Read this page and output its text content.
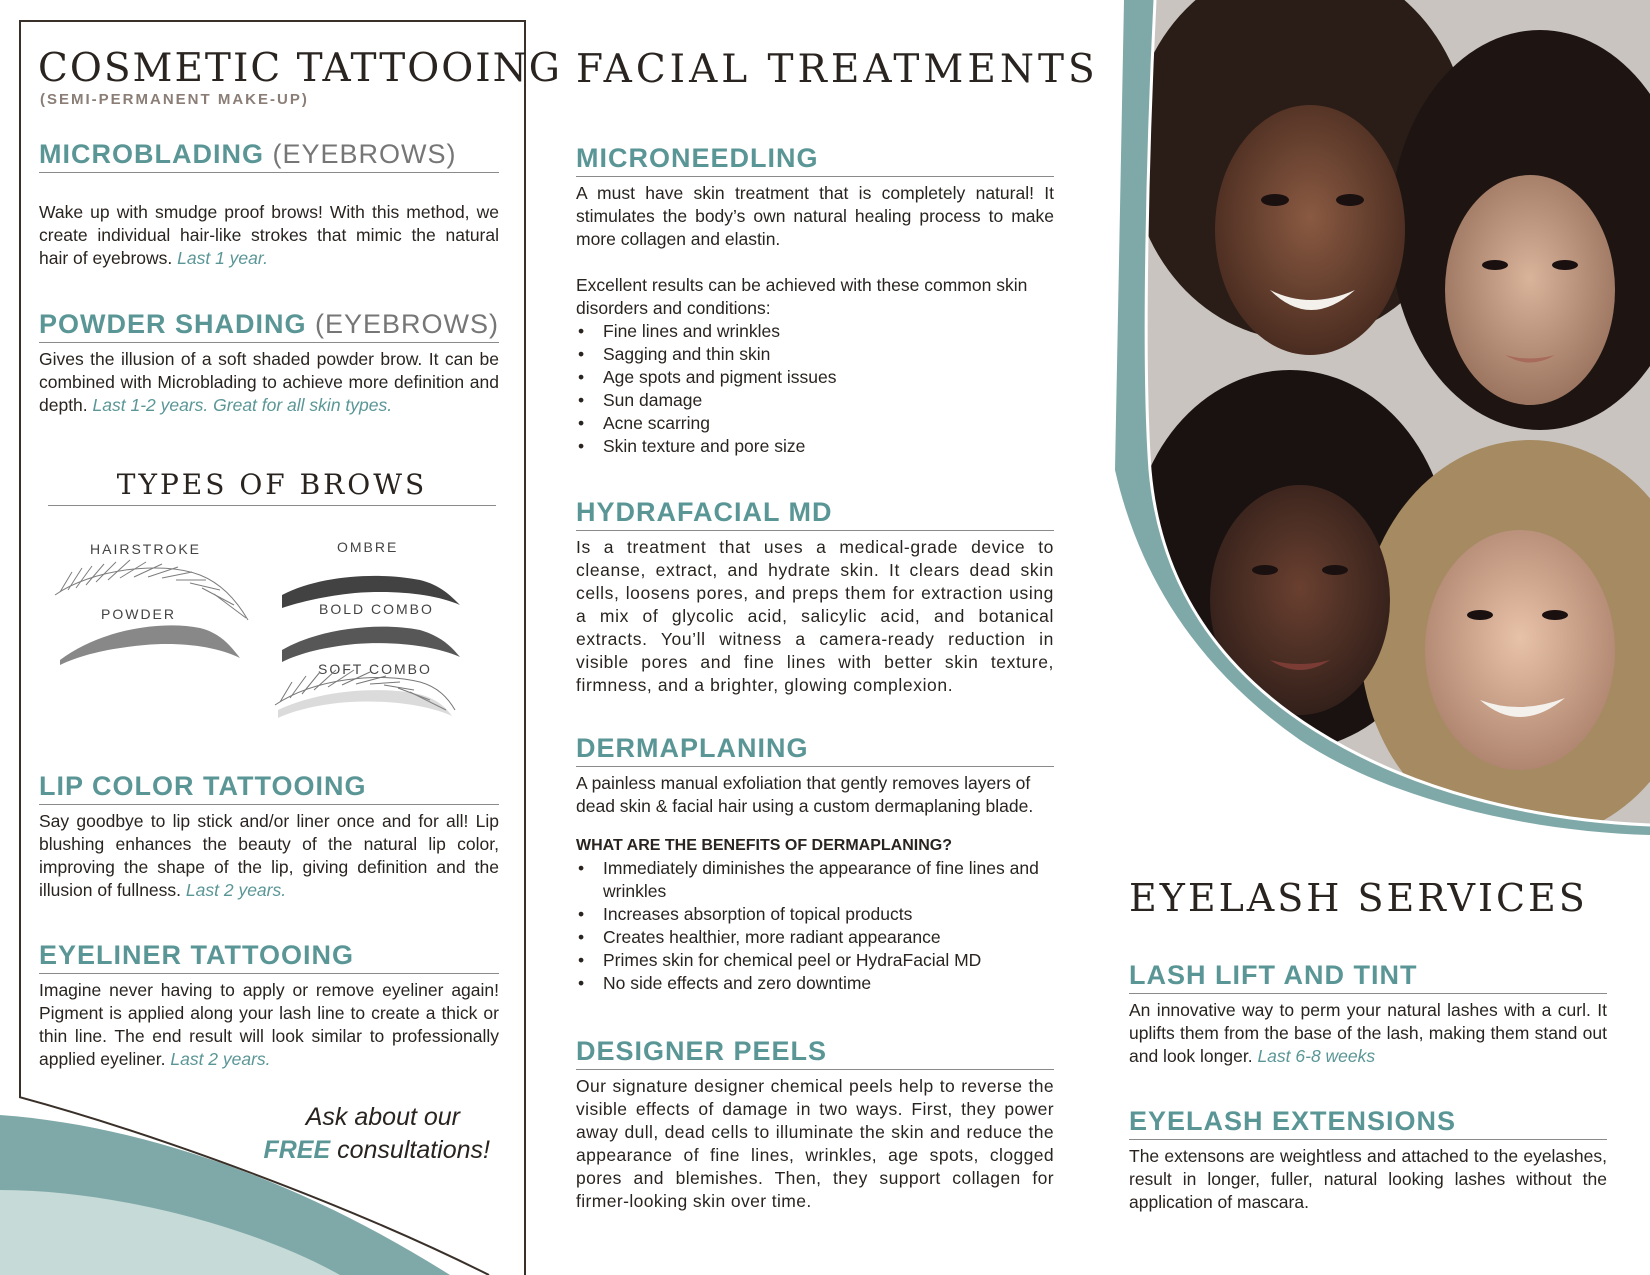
COSMETIC TATTOOING
(SEMI-PERMANENT MAKE-UP)
MICROBLADING (EYEBROWS)

Wake up with smudge proof brows! With this method, we create individual hair-like strokes that mimic the natural hair of eyebrows. Last 1 year.

POWDER SHADING (EYEBROWS)

Gives the illusion of a soft shaded powder brow. It can be combined with Microblading to achieve more definition and depth. Last 1-2 years. Great for all skin types.

TYPES OF BROWS
HAIRSTROKE	OMBRE
POWDER	BOLD COMBO
SOFT COMBO
LIP COLOR TATTOOING

Say goodbye to lip stick and/or liner once and for all! Lip blushing enhances the beauty of the natural lip color, improving the shape of the lip, giving definition and the illusion of fullness. Last 2 years.

EYELINER TATTOOING

Imagine never having to apply or remove eyeliner again! Pigment is applied along your lash line to create a thick or thin line. The end result will look similar to professionally applied eyeliner. Last 2 years.

Ask about our
FREE consultations!
FACIAL TREATMENTS
MICRONEEDLING

A must have skin treatment that is completely natural! It stimulates the body’s own natural healing process to make more collagen and elastin.

Excellent results can be achieved with these common skin disorders and conditions:

• Fine lines and wrinkles
• Sagging and thin skin
• Age spots and pigment issues
• Sun damage
• Acne scarring
• Skin texture and pore size
HYDRAFACIAL MD

Is a treatment that uses a medical-grade device to cleanse, extract, and hydrate skin. It clears dead skin cells, loosens pores, and preps them for extraction using a mix of glycolic acid, salicylic acid, and botanical extracts. You’ll witness a camera-ready reduction in visible pores and fine lines with better skin texture, firmness, and a brighter, glowing complexion.

DERMAPLANING

A painless manual exfoliation that gently removes layers of dead skin & facial hair using a custom dermaplaning blade.

WHAT ARE THE BENEFITS OF DERMAPLANING?
• Immediately diminishes the appearance of fine lines and wrinkles
• Increases absorption of topical products
• Creates healthier, more radiant appearance
• Primes skin for chemical peel or HydraFacial MD
• No side effects and zero downtime
DESIGNER PEELS

Our signature designer chemical peels help to reverse the visible effects of damage in two ways. First, they power away dull, dead cells to illuminate the skin and reduce the appearance of fine lines, wrinkles, age spots, clogged pores and blemishes. Then, they support collagen for firmer-looking skin over time.

EYELASH SERVICES
LASH LIFT AND TINT

An innovative way to perm your natural lashes with a curl. It uplifts them from the base of the lash, making them stand out and look longer. Last 6-8 weeks

EYELASH EXTENSIONS

The extensons are weightless and attached to the eyelashes, result in longer, fuller, natural looking lashes without the application of mascara.
